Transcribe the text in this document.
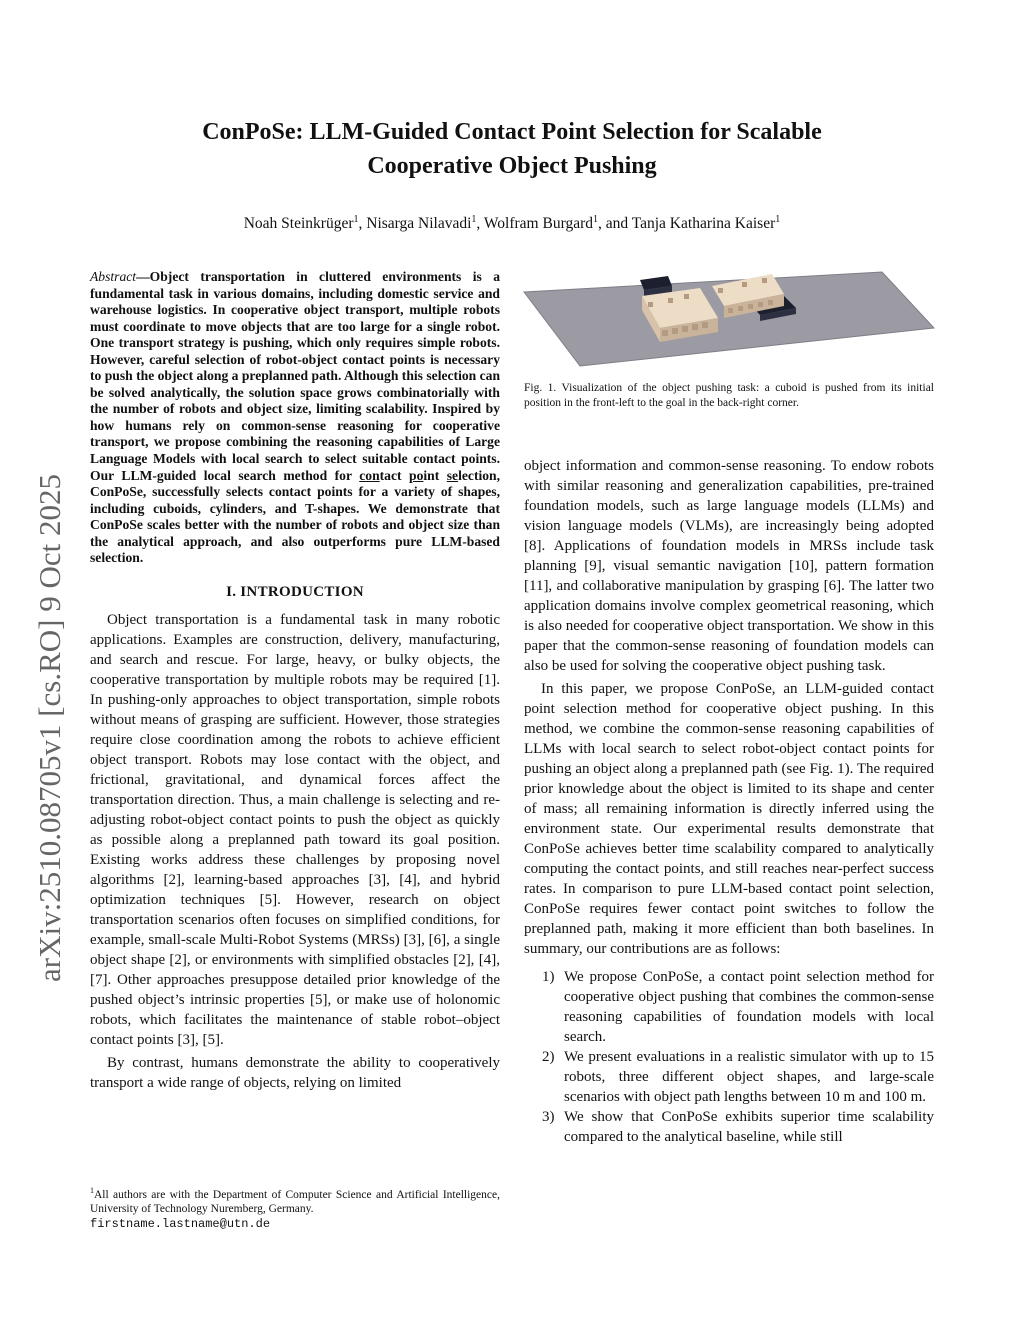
arXiv:2510.08705v1 [cs.RO] 9 Oct 2025
ConPoSe: LLM-Guided Contact Point Selection for Scalable
Cooperative Object Pushing
Noah Steinkrüger$^1$, Nisarga Nilavadi$^1$, Wolfram Burgard$^1$, and Tanja Katharina Kaiser$^1$

Abstract—Object transportation in cluttered environments is a fundamental task in various domains, including domestic service and warehouse logistics. In cooperative object transport, multiple robots must coordinate to move objects that are too large for a single robot. One transport strategy is pushing, which only requires simple robots. However, careful selection of robot-object contact points is necessary to push the object along a preplanned path. Although this selection can be solved analytically, the solution space grows combinatorially with the number of robots and object size, limiting scalability. Inspired by how humans rely on common-sense reasoning for cooperative transport, we propose combining the reasoning capabilities of Large Language Models with local search to select suitable contact points. Our LLM-guided local search method for contact point selection, ConPoSe, successfully selects contact points for a variety of shapes, including cuboids, cylinders, and T-shapes. We demonstrate that ConPoSe scales better with the number of robots and object size than the analytical approach, and also outperforms pure LLM-based selection.

I. INTRODUCTION

Object transportation is a fundamental task in many robotic applications. Examples are construction, delivery, manufacturing, and search and rescue. For large, heavy, or bulky objects, the cooperative transportation by multiple robots may be required [1]. In pushing-only approaches to object transportation, simple robots without means of grasping are sufficient. However, those strategies require close coordination among the robots to achieve efficient object transport. Robots may lose contact with the object, and frictional, gravitational, and dynamical forces affect the transportation direction. Thus, a main challenge is selecting and re-adjusting robot-object contact points to push the object as quickly as possible along a preplanned path toward its goal position. Existing works address these challenges by proposing novel algorithms [2], learning-based approaches [3], [4], and hybrid optimization techniques [5]. However, research on object transportation scenarios often focuses on simplified conditions, for example, small-scale Multi-Robot Systems (MRSs) [3], [6], a single object shape [2], or environments with simplified obstacles [2], [4], [7]. Other approaches presuppose detailed prior knowledge of the pushed object’s intrinsic properties [5], or make use of holonomic robots, which facilitates the maintenance of stable robot–object contact points [3], [5].

By contrast, humans demonstrate the ability to cooperatively transport a wide range of objects, relying on limited

$^1$All authors are with the Department of Computer Science and Artificial Intelligence, University of Technology Nuremberg, Germany.
firstname.lastname@utn.de
Fig. 1. Visualization of the object pushing task: a cuboid is pushed from its initial position in the front-left to the goal in the back-right corner.

object information and common-sense reasoning. To endow robots with similar reasoning and generalization capabilities, pre-trained foundation models, such as large language models (LLMs) and vision language models (VLMs), are increasingly being adopted [8]. Applications of foundation models in MRSs include task planning [9], visual semantic navigation [10], pattern formation [11], and collaborative manipulation by grasping [6]. The latter two application domains involve complex geometrical reasoning, which is also needed for cooperative object transportation. We show in this paper that the common-sense reasoning of foundation models can also be used for solving the cooperative object pushing task.

In this paper, we propose ConPoSe, an LLM-guided contact point selection method for cooperative object pushing. In this method, we combine the common-sense reasoning capabilities of LLMs with local search to select robot-object contact points for pushing an object along a preplanned path (see Fig. 1). The required prior knowledge about the object is limited to its shape and center of mass; all remaining information is directly inferred using the environment state. Our experimental results demonstrate that ConPoSe achieves better time scalability compared to analytically computing the contact points, and still reaches near-perfect success rates. In comparison to pure LLM-based contact point selection, ConPoSe requires fewer contact point switches to follow the preplanned path, making it more efficient than both baselines. In summary, our contributions are as follows:

1) We propose ConPoSe, a contact point selection method for cooperative object pushing that combines the common-sense reasoning capabilities of foundation models with local search.
2) We present evaluations in a realistic simulator with up to 15 robots, three different object shapes, and large-scale scenarios with object path lengths between 10 m and 100 m.
3) We show that ConPoSe exhibits superior time scalability compared to the analytical baseline, while still
